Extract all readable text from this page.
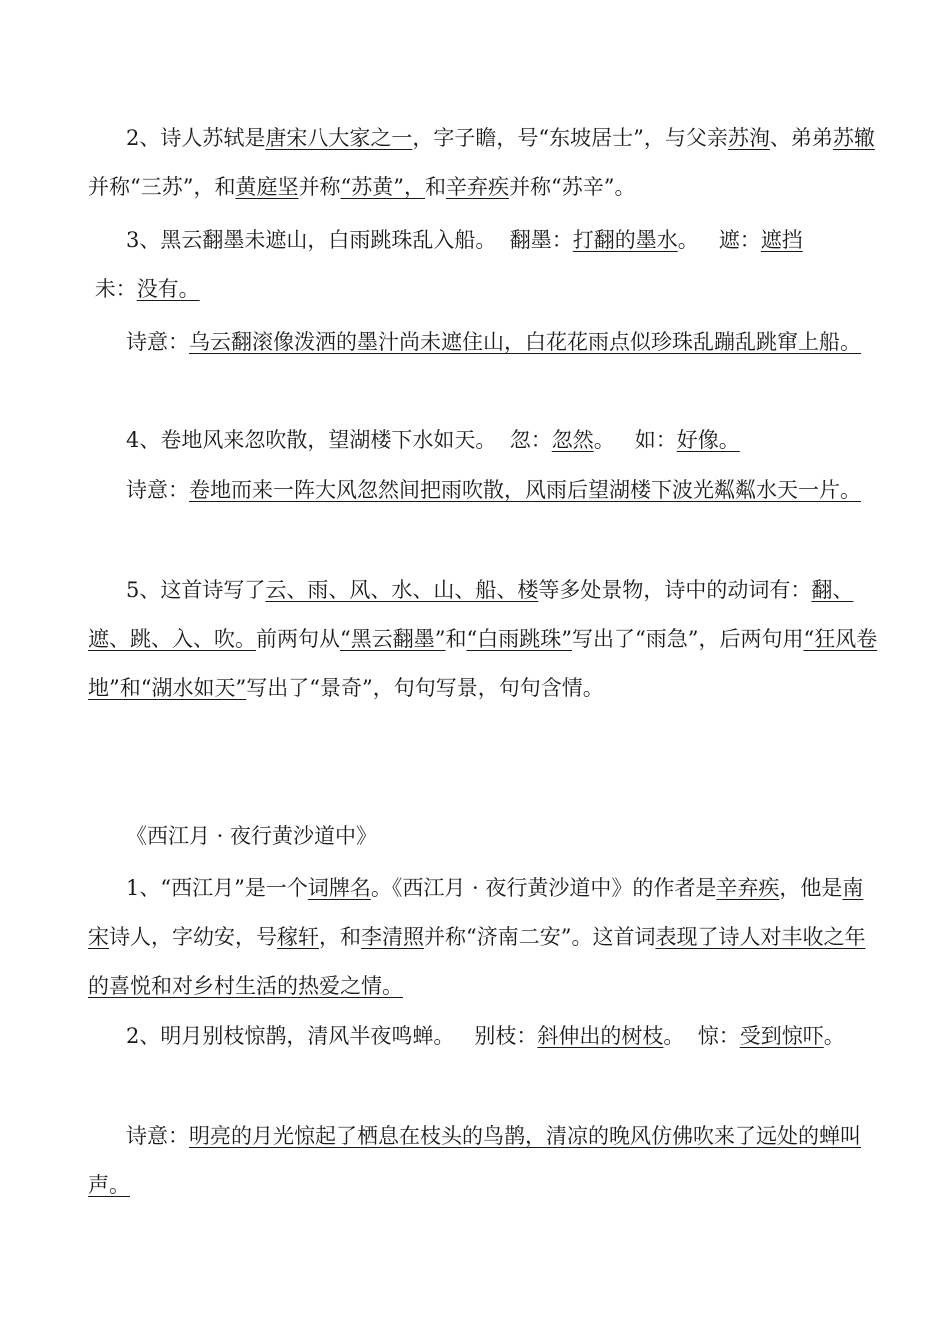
2、诗人苏轼是唐宋八大家之一，字子瞻，号“东坡居士”，与父亲苏洵、弟弟苏辙并称“三苏”，和黄庭坚并称“苏黄”，和辛弃疾并称“苏辛”。

3、黑云翻墨未遮山，白雨跳珠乱入船。 翻墨：打翻的墨水。 遮：遮挡
未：没有。

诗意：乌云翻滚像泼洒的墨汁尚未遮住山，白花花雨点似珍珠乱蹦乱跳窜上船。

4、卷地风来忽吹散，望湖楼下水如天。 忽：忽然。 如：好像。

诗意：卷地而来一阵大风忽然间把雨吹散，风雨后望湖楼下波光粼粼水天一片。

5、这首诗写了云、雨、风、水、山、船、楼等多处景物，诗中的动词有：翻、遮、跳、入、吹。前两句从“黑云翻墨”和“白雨跳珠”写出了“雨急”，后两句用“狂风卷地”和“湖水如天”写出了“景奇”，句句写景，句句含情。

《西江月 · 夜行黄沙道中》

1、“西江月”是一个词牌名。《西江月 · 夜行黄沙道中》的作者是辛弃疾，他是南宋诗人，字幼安，号稼轩，和李清照并称“济南二安”。这首词表现了诗人对丰收之年的喜悦和对乡村生活的热爱之情。

2、明月别枝惊鹊，清风半夜鸣蝉。 别枝：斜伸出的树枝。 惊：受到惊吓。

诗意：明亮的月光惊起了栖息在枝头的鸟鹊，清凉的晚风仿佛吹来了远处的蝉叫声。
